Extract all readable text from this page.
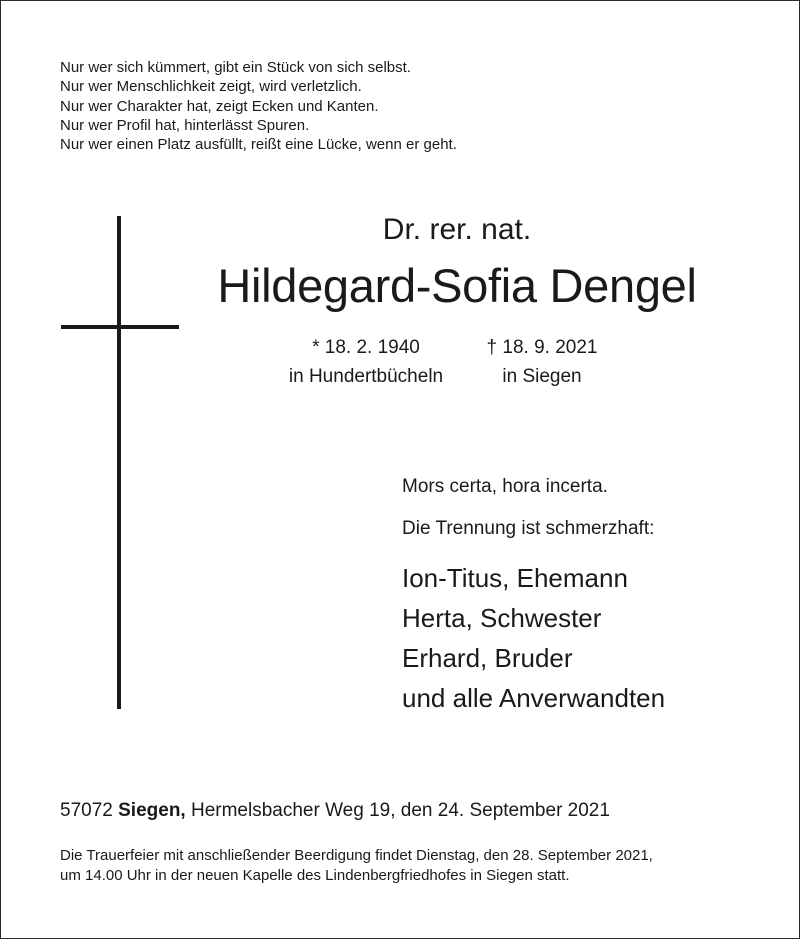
Nur wer sich kümmert, gibt ein Stück von sich selbst.
Nur wer Menschlichkeit zeigt, wird verletzlich.
Nur wer Charakter hat, zeigt Ecken und Kanten.
Nur wer Profil hat, hinterlässt Spuren.
Nur wer einen Platz ausfüllt, reißt eine Lücke, wenn er geht.
Dr. rer. nat.
Hildegard-Sofia Dengel
* 18. 2. 1940
in Hundertbücheln
† 18. 9. 2021
in Siegen
Mors certa, hora incerta.
Die Trennung ist schmerzhaft:
Ion-Titus, Ehemann
Herta, Schwester
Erhard, Bruder
und alle Anverwandten
57072 Siegen, Hermelsbacher Weg 19, den 24. September 2021
Die Trauerfeier mit anschließender Beerdigung findet Dienstag, den 28. September 2021,
um 14.00 Uhr in der neuen Kapelle des Lindenbergfriedhofes in Siegen statt.
